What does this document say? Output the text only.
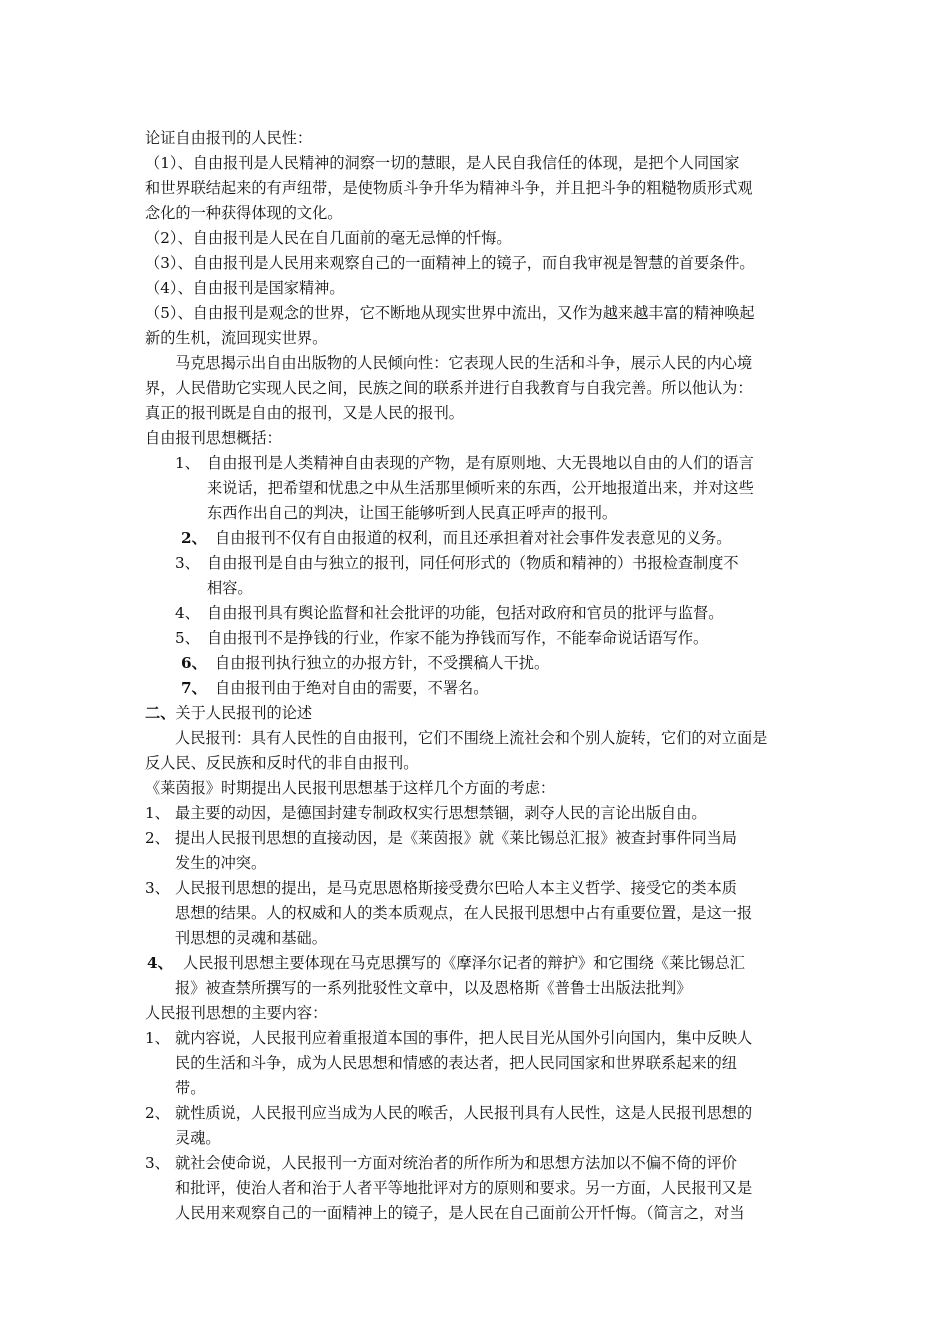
论证自由报刊的人民性：
（1）、自由报刊是人民精神的洞察一切的慧眼，是人民自我信任的体现，是把个人同国家
和世界联结起来的有声纽带，是使物质斗争升华为精神斗争，并且把斗争的粗糙物质形式观
念化的一种获得体现的文化。
（2）、自由报刊是人民在自几面前的毫无忌惮的忏悔。
（3）、自由报刊是人民用来观察自己的一面精神上的镜子，而自我审视是智慧的首要条件。
（4）、自由报刊是国家精神。
（5）、自由报刊是观念的世界，它不断地从现实世界中流出，又作为越来越丰富的精神唤起
新的生机，流回现实世界。
马克思揭示出自由出版物的人民倾向性：它表现人民的生活和斗争，展示人民的内心境
界，人民借助它实现人民之间，民族之间的联系并进行自我教育与自我完善。所以他认为：
真正的报刊既是自由的报刊，又是人民的报刊。
自由报刊思想概括：
1、 自由报刊是人类精神自由表现的产物，是有原则地、大无畏地以自由的人们的语言
来说话，把希望和忧患之中从生活那里倾听来的东西，公开地报道出来，并对这些
东西作出自己的判决，让国王能够听到人民真正呼声的报刊。
2、 自由报刊不仅有自由报道的权利，而且还承担着对社会事件发表意见的义务。
3、 自由报刊是自由与独立的报刊，同任何形式的（物质和精神的）书报检查制度不
相容。
4、 自由报刊具有舆论监督和社会批评的功能，包括对政府和官员的批评与监督。
5、 自由报刊不是挣钱的行业，作家不能为挣钱而写作，不能奉命说话语写作。
6、 自由报刊执行独立的办报方针，不受撰稿人干扰。
7、 自由报刊由于绝对自由的需要，不署名。
二、关于人民报刊的论述
人民报刊：具有人民性的自由报刊，它们不围绕上流社会和个别人旋转，它们的对立面是
反人民、反民族和反时代的非自由报刊。
《莱茵报》时期提出人民报刊思想基于这样几个方面的考虑：
1、 最主要的动因，是德国封建专制政权实行思想禁锢，剥夺人民的言论出版自由。
2、 提出人民报刊思想的直接动因，是《莱茵报》就《莱比锡总汇报》被查封事件同当局
发生的冲突。
3、 人民报刊思想的提出，是马克思恩格斯接受费尔巴哈人本主义哲学、接受它的类本质
思想的结果。人的权威和人的类本质观点，在人民报刊思想中占有重要位置，是这一报
刊思想的灵魂和基础。
4、 人民报刊思想主要体现在马克思撰写的《摩泽尔记者的辩护》和它围绕《莱比锡总汇
报》被查禁所撰写的一系列批驳性文章中，以及恩格斯《普鲁士出版法批判》
人民报刊思想的主要内容：
1、 就内容说，人民报刊应着重报道本国的事件，把人民目光从国外引向国内，集中反映人
民的生活和斗争，成为人民思想和情感的表达者，把人民同国家和世界联系起来的纽
带。
2、 就性质说，人民报刊应当成为人民的喉舌，人民报刊具有人民性，这是人民报刊思想的
灵魂。
3、 就社会使命说，人民报刊一方面对统治者的所作所为和思想方法加以不偏不倚的评价
和批评，使治人者和治于人者平等地批评对方的原则和要求。另一方面，人民报刊又是
人民用来观察自己的一面精神上的镜子，是人民在自己面前公开忏悔。（简言之，对当
